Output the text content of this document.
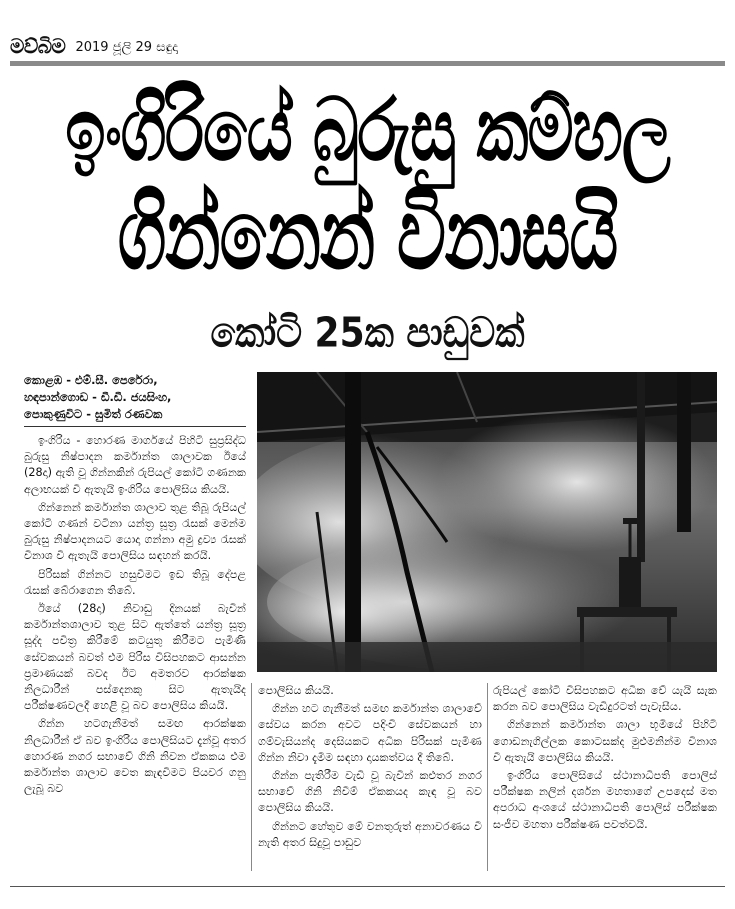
මව්බිම 2019 ජූලි 29 සඳුදා
ඉංගිරියේ බුරුසු කම්හල
ගින්නෙන් විනාසයි
කෝටි 25ක පාඩුවක්
කොළඹ - එම්.සී. පෙරේරා,
හඳපාන්ගොඩ - ඩී.ඩී. ජයසිංහ,
පොකුණුවිට - සුමිත් රණවක

ඉංගිරිය - හොරණ මාර්ගයේ පිහිටි සුප්‍රසිද්ධ බුරුසු නිෂ්පාදන කර්මාන්ත ශාලාවක ඊයේ (28දා) ඇති වූ ගින්නකින් රුපියල් කෝටි ගණනක අලාභයක් වී ඇතැයි ඉංගිරිය පොලිසිය කියයි.

ගින්නෙන් කර්මාන්ත ශාලාව තුළ තිබූ රුපියල් කෝටි ගණන් වටිනා යන්ත්‍ර සූත්‍ර රැසක් මෙන්ම බුරුසු නිෂ්පාදනයට යොදා ගන්නා අමු ද්‍රව්‍ය රැසක් විනාශ වී ඇතැයි පොලිසිය සඳහන් කරයි.

පිරිසක් ගින්නට හසුවීමට ඉඩ තිබූ දේපළ රැසක් බේරාගෙන තිබේ.

ඊයේ (28දා) නිවාඩු දිනයක් බැවින් කර්මාන්තශාලාව තුළ සිට ඇත්තේ යන්ත්‍ර සූත්‍ර සූද්ද පවිත්‍ර කිරීමේ කටයුතු කිරීමට පැමිණි සේවකයන් බවත් එම පිරිස විසිපහකට ආසන්න ප්‍රමාණයක් බවද ඊට අමතරව ආරක්ෂක නිලධාරීන් පස්දෙනකු සිට ඇතැයිද පරීක්ෂණවලදී හෙළි වූ බව පොලිසිය කියයි.

ගින්න හටගැනීමත් සමඟ ආරක්ෂක නිලධාරීන් ඒ බව ඉංගිරිය පොලිසියට දැන්වූ අතර හොරණ නගර සභාවේ ගිනි නිවන ඒකකය එම කර්මාන්ත ශාලාව වෙත කැඳවීමට පියවර ගනු ලැබූ බව

පොලිසිය කියයි.

ගින්න හට ගැනීමත් සමඟ කර්මාන්ත ශාලාවේ සේවය කරන අවට පදිංචි සේවකයන් හා ගම්වැසියන්ද දෙසියකට අධික පිරිසක් පැමිණ ගින්න නිවා දැමීම සඳහා දායකත්වය දී තිබේ.

ගින්න පැතිරීම වැඩි වූ බැවින් කළුතර නගර සභාවේ ගිනි නිවීම් ඒකකයද කැඳ වූ බව පොලිසිය කියයි.

ගින්නට හේතුව මේ වනතුරුත් අනාවරණය වී නැති අතර සිදුවූ පාඩුව

රුපියල් කෝටි විසිපහකට අධික වේ යැයි සැක කරන බව පොලිසිය වැඩිදුරටත් පැවැසීය.

ගින්නෙන් කර්මාන්ත ශාලා භූමියේ පිහිටි ගොඩනැගිල්ලක කොටසක්ද මුළුමනින්ම විනාශ වී ඇතැයි පොලිසිය කියයි.

ඉංගිරිය පොලිසියේ ස්ථානාධිපති පොලිස් පරීක්ෂක නලින් දර්ශන මහතාගේ උපදෙස් මත අපරාධ අංශයේ ස්ථානාධිපති පොලිස් පරීක්ෂක සංජීව මහතා පරීක්ෂණ පවත්වයි.
